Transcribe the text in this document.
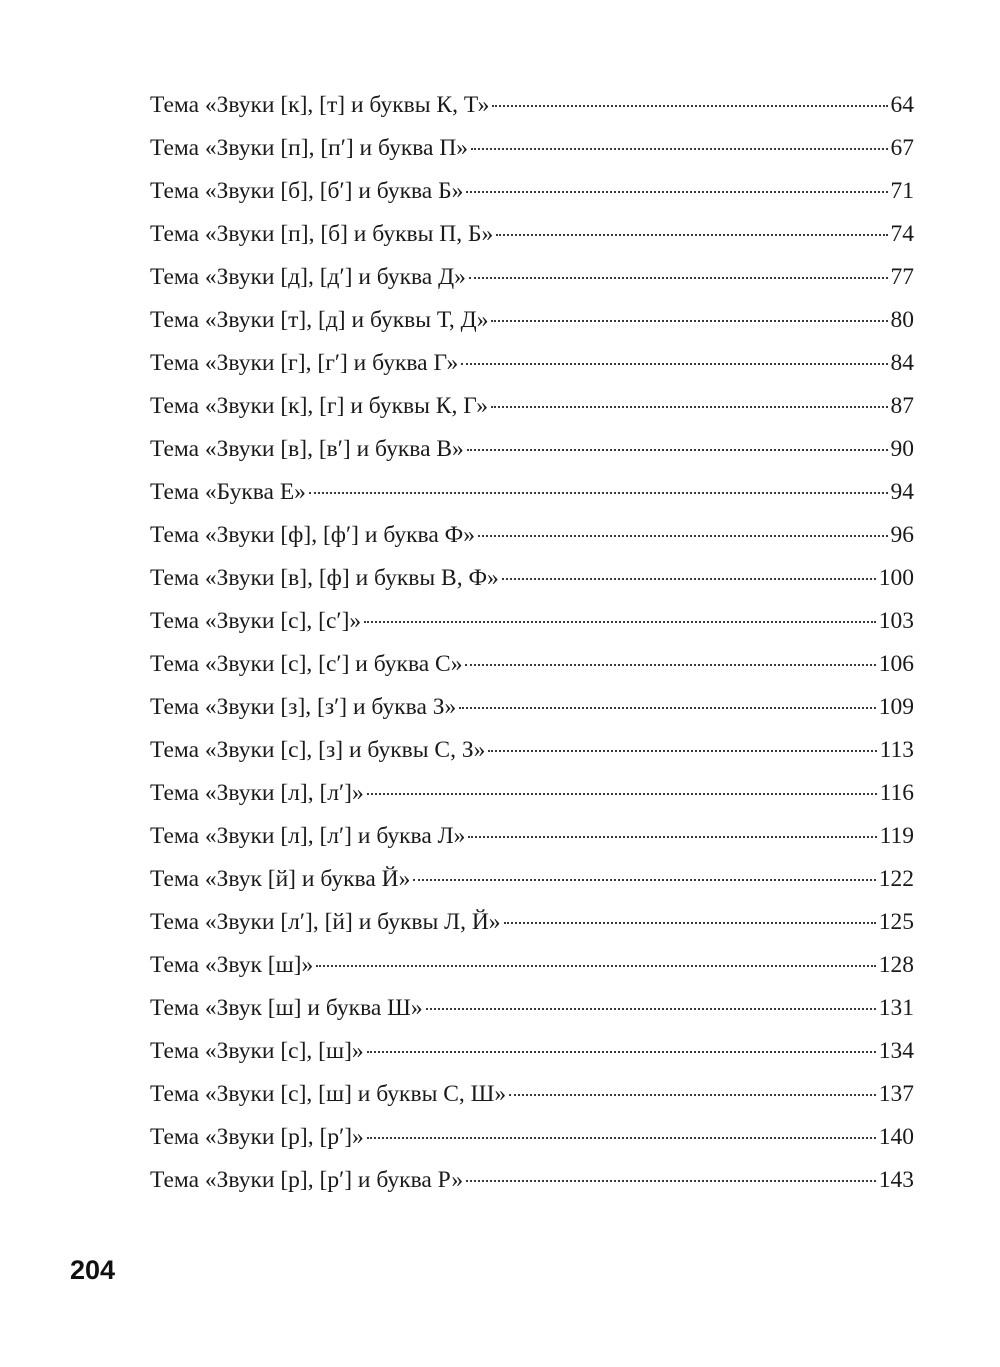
Тема «Звуки [к], [т] и буквы К, Т»	64
Тема «Звуки [п], [п′] и буква П»	67
Тема «Звуки [б], [б′] и буква Б»	71
Тема «Звуки [п], [б] и буквы П, Б»	74
Тема «Звуки [д], [д′] и буква Д»	77
Тема «Звуки [т], [д] и буквы Т, Д»	80
Тема «Звуки [г], [г′] и буква Г»	84
Тема «Звуки [к], [г] и буквы К, Г»	87
Тема «Звуки [в], [в′] и буква В»	90
Тема «Буква Е»	94
Тема «Звуки [ф], [ф′] и буква Ф»	96
Тема «Звуки [в], [ф] и буквы В, Ф»	100
Тема «Звуки [с], [с′]»	103
Тема «Звуки [с], [с′] и буква С»	106
Тема «Звуки [з], [з′] и буква З»	109
Тема «Звуки [с], [з] и буквы С, З»	113
Тема «Звуки [л], [л′]»	116
Тема «Звуки [л], [л′] и буква Л»	119
Тема «Звук [й] и буква Й»	122
Тема «Звуки [л′], [й] и буквы Л, Й»	125
Тема «Звук [ш]»	128
Тема «Звук [ш] и буква Ш»	131
Тема «Звуки [с], [ш]»	134
Тема «Звуки [с], [ш] и буквы С, Ш»	137
Тема «Звуки [р], [р′]»	140
Тема «Звуки [р], [р′] и буква Р»	143
204
